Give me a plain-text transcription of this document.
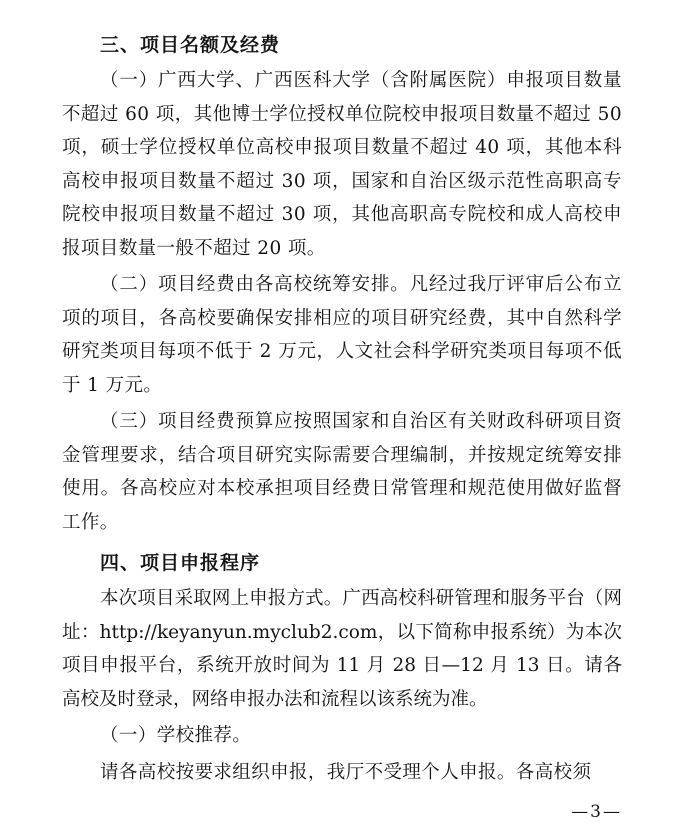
三、项目名额及经费

（一）广西大学、广西医科大学（含附属医院）申报项目数量不超过 60 项，其他博士学位授权单位院校申报项目数量不超过 50 项，硕士学位授权单位高校申报项目数量不超过 40 项，其他本科高校申报项目数量不超过 30 项，国家和自治区级示范性高职高专院校申报项目数量不超过 30 项，其他高职高专院校和成人高校申报项目数量一般不超过 20 项。

（二）项目经费由各高校统筹安排。凡经过我厅评审后公布立项的项目，各高校要确保安排相应的项目研究经费，其中自然科学研究类项目每项不低于 2 万元，人文社会科学研究类项目每项不低于 1 万元。

（三）项目经费预算应按照国家和自治区有关财政科研项目资金管理要求，结合项目研究实际需要合理编制，并按规定统筹安排使用。各高校应对本校承担项目经费日常管理和规范使用做好监督工作。

四、项目申报程序

本次项目采取网上申报方式。广西高校科研管理和服务平台（网址：http://keyanyun.myclub2.com，以下简称申报系统）为本次项目申报平台，系统开放时间为 11 月 28 日—12 月 13 日。请各高校及时登录，网络申报办法和流程以该系统为准。

（一）学校推荐。

请各高校按要求组织申报，我厅不受理个人申报。各高校须

—3—
